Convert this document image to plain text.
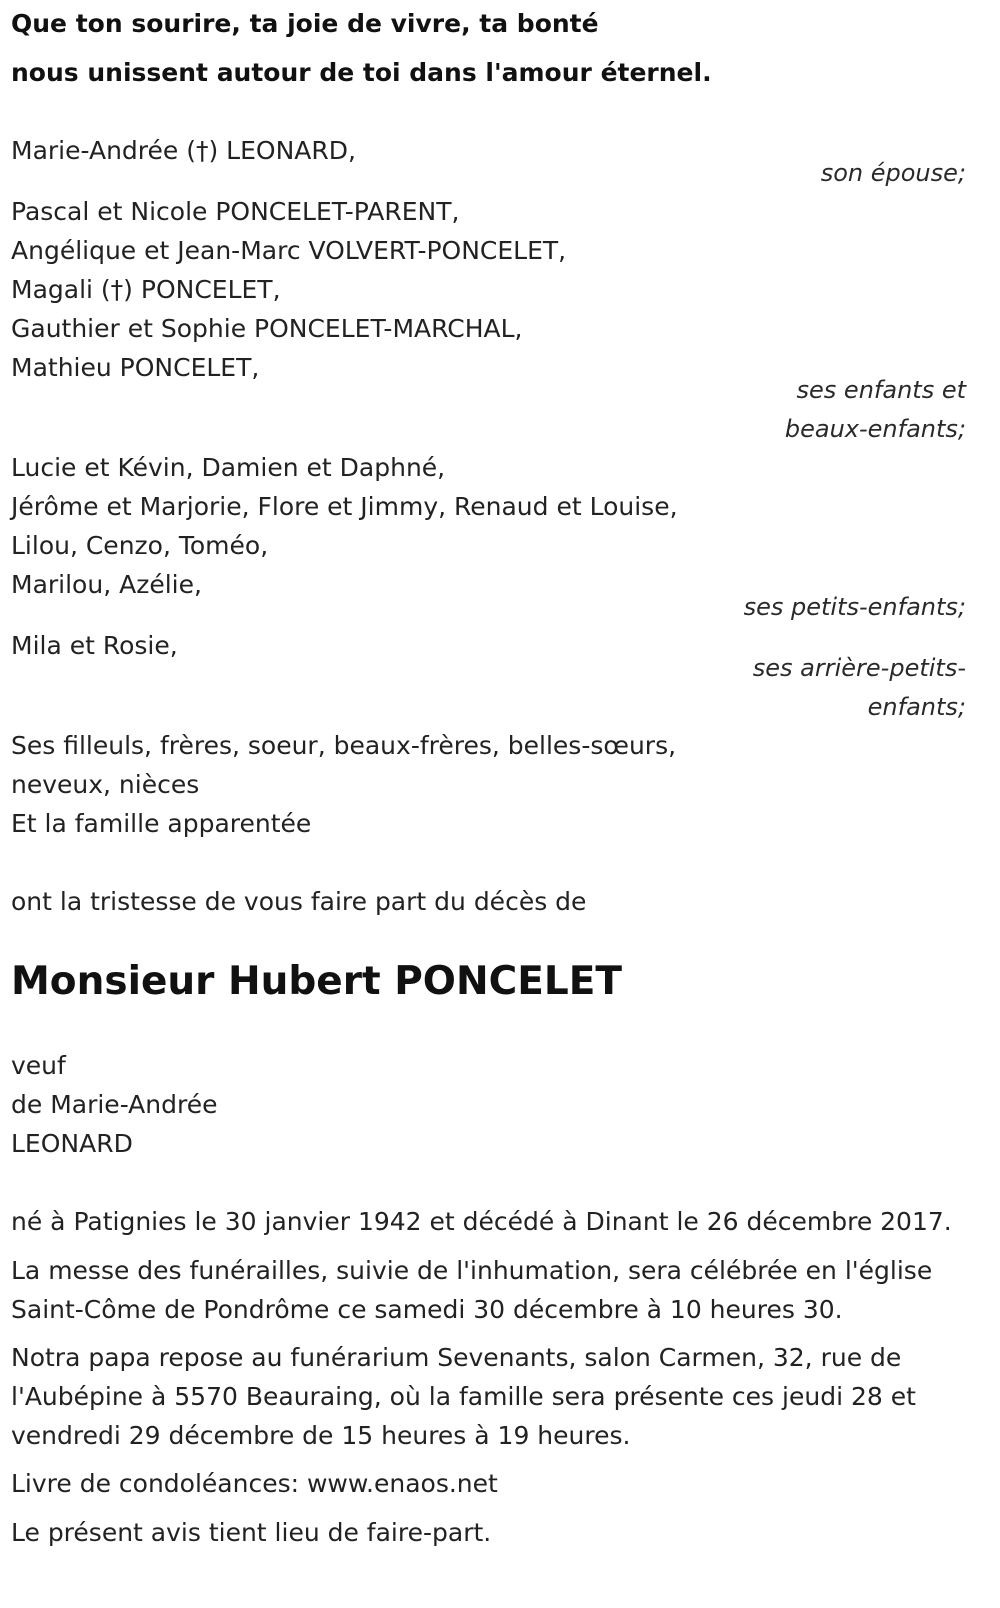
Que ton sourire, ta joie de vivre, ta bonté
nous unissent autour de toi dans l'amour éternel.
Marie-Andrée (†) LEONARD,
son épouse;
Pascal et Nicole PONCELET-PARENT,
Angélique et Jean-Marc VOLVERT-PONCELET,
Magali (†) PONCELET,
Gauthier et Sophie PONCELET-MARCHAL,
Mathieu PONCELET,
ses enfants et
beaux-enfants;
Lucie et Kévin, Damien et Daphné,
Jérôme et Marjorie, Flore et Jimmy, Renaud et Louise,
Lilou, Cenzo, Toméo,
Marilou, Azélie,
ses petits-enfants;
Mila et Rosie,
ses arrière-petits-
enfants;
Ses filleuls, frères, soeur, beaux-frères, belles-sœurs,
neveux, nièces
Et la famille apparentée
ont la tristesse de vous faire part du décès de
Monsieur Hubert PONCELET
veuf
de Marie-Andrée
LEONARD
né à Patignies le 30 janvier 1942 et décédé à Dinant le 26 décembre 2017.
La messe des funérailles, suivie de l'inhumation, sera célébrée en l'église
Saint-Côme de Pondrôme ce samedi 30 décembre à 10 heures 30.
Notra papa repose au funérarium Sevenants, salon Carmen, 32, rue de
l'Aubépine à 5570 Beauraing, où la famille sera présente ces jeudi 28 et
vendredi 29 décembre de 15 heures à 19 heures.
Livre de condoléances: www.enaos.net
Le présent avis tient lieu de faire-part.
